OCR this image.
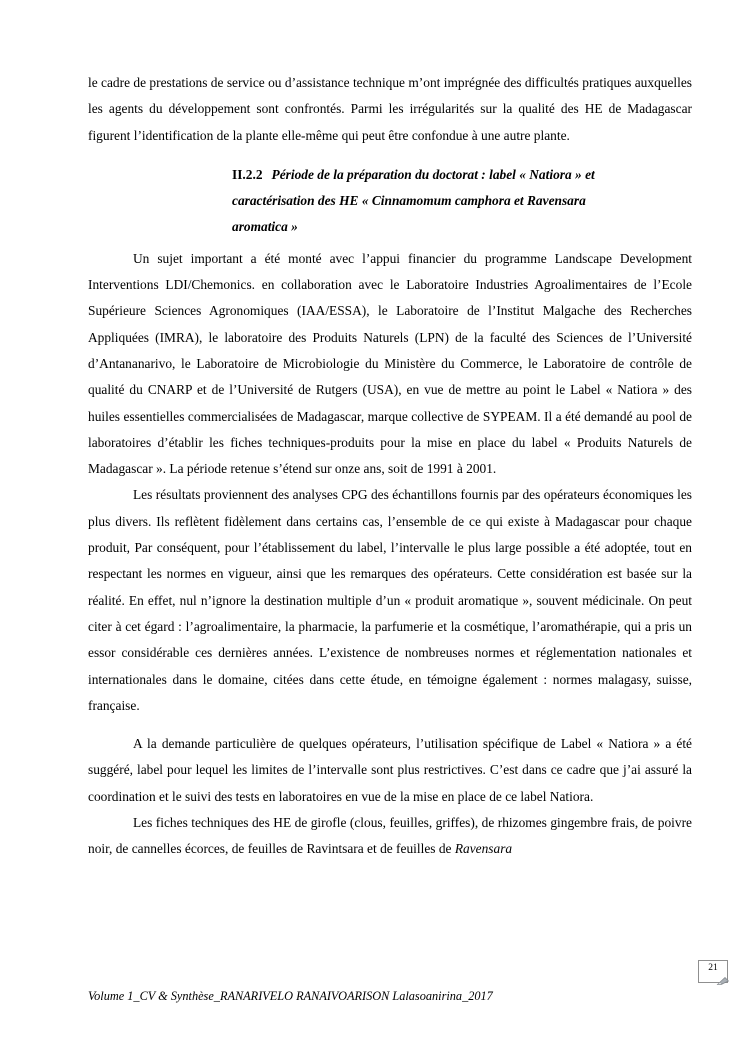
le cadre de prestations de service ou d’assistance technique m’ont imprégnée des difficultés pratiques auxquelles les agents du développement sont confrontés. Parmi les irrégularités sur la qualité des HE de Madagascar figurent l’identification de la plante elle-même qui peut être confondue à une autre plante.

II.2.2 Période de la préparation du doctorat : label « Natiora » et
caractérisation des HE « Cinnamomum camphora et Ravensara
aromatica »

Un sujet important a été monté avec l’appui financier du programme Landscape Development Interventions LDI/Chemonics. en collaboration avec le Laboratoire Industries Agroalimentaires de l’Ecole Supérieure Sciences Agronomiques (IAA/ESSA), le Laboratoire de l’Institut Malgache des Recherches Appliquées (IMRA), le laboratoire des Produits Naturels (LPN) de la faculté des Sciences de l’Université d’Antananarivo, le Laboratoire de Microbiologie du Ministère du Commerce, le Laboratoire de contrôle de qualité du CNARP et de l’Université de Rutgers (USA), en vue de mettre au point le Label « Natiora » des huiles essentielles commercialisées de Madagascar, marque collective de SYPEAM. Il a été demandé au pool de laboratoires d’établir les fiches techniques-produits pour la mise en place du label « Produits Naturels de Madagascar ». La période retenue s’étend sur onze ans, soit de 1991 à 2001.

Les résultats proviennent des analyses CPG des échantillons fournis par des opérateurs économiques les plus divers. Ils reflètent fidèlement dans certains cas, l’ensemble de ce qui existe à Madagascar pour chaque produit, Par conséquent, pour l’établissement du label, l’intervalle le plus large possible a été adoptée, tout en respectant les normes en vigueur, ainsi que les remarques des opérateurs. Cette considération est basée sur la réalité. En effet, nul n’ignore la destination multiple d’un « produit aromatique », souvent médicinale. On peut citer à cet égard : l’agroalimentaire, la pharmacie, la parfumerie et la cosmétique, l’aromathérapie, qui a pris un essor considérable ces dernières années. L’existence de nombreuses normes et réglementation nationales et internationales dans le domaine, citées dans cette étude, en témoigne également : normes malagasy, suisse, française.

A la demande particulière de quelques opérateurs, l’utilisation spécifique de Label « Natiora » a été suggéré, label pour lequel les limites de l’intervalle sont plus restrictives. C’est dans ce cadre que j’ai assuré la coordination et le suivi des tests en laboratoires en vue de la mise en place de ce label Natiora.

Les fiches techniques des HE de girofle (clous, feuilles, griffes), de rhizomes gingembre frais, de poivre noir, de cannelles écorces, de feuilles de Ravintsara et de feuilles de Ravensara

21
Volume 1_CV & Synthèse_RANARIVELO RANAIVOARISON Lalasoanirina_2017
